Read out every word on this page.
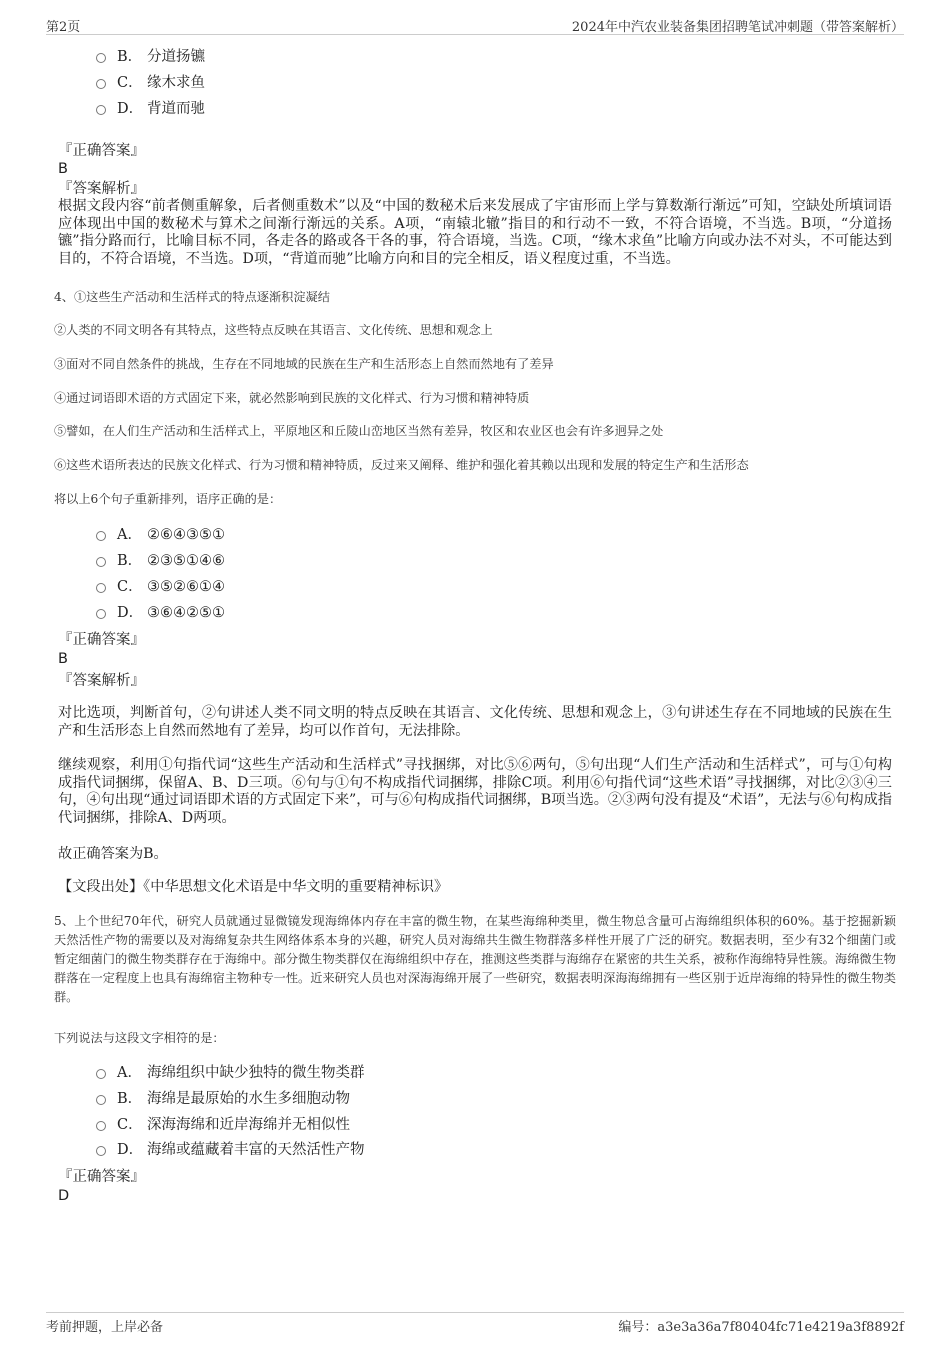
第2页	2024年中汽农业装备集团招聘笔试冲刺题（带答案解析）
B． 分道扬镳
C． 缘木求鱼
D． 背道而驰
『正确答案』
B
『答案解析』
根据文段内容“前者侧重解象，后者侧重数术”以及“中国的数秘术后来发展成了宇宙形而上学与算数渐行渐远”可知，空缺处所填词语应体现出中国的数秘术与算术之间渐行渐远的关系。A项，“南辕北辙”指目的和行动不一致，不符合语境，不当选。B项，“分道扬镳”指分路而行，比喻目标不同，各走各的路或各干各的事，符合语境，当选。C项，“缘木求鱼”比喻方向或办法不对头，不可能达到目的，不符合语境，不当选。D项，“背道而驰”比喻方向和目的完全相反，语义程度过重，不当选。
4、①这些生产活动和生活样式的特点逐渐积淀凝结
②人类的不同文明各有其特点，这些特点反映在其语言、文化传统、思想和观念上
③面对不同自然条件的挑战，生存在不同地域的民族在生产和生活形态上自然而然地有了差异
④通过词语即术语的方式固定下来，就必然影响到民族的文化样式、行为习惯和精神特质
⑤譬如，在人们生产活动和生活样式上，平原地区和丘陵山峦地区当然有差异，牧区和农业区也会有许多迥异之处
⑥这些术语所表达的民族文化样式、行为习惯和精神特质，反过来又阐释、维护和强化着其赖以出现和发展的特定生产和生活形态
将以上6个句子重新排列，语序正确的是：
A． ②⑥④③⑤①
B． ②③⑤①④⑥
C． ③⑤②⑥①④
D． ③⑥④②⑤①
『正确答案』
B
『答案解析』
对比选项，判断首句，②句讲述人类不同文明的特点反映在其语言、文化传统、思想和观念上，③句讲述生存在不同地域的民族在生产和生活形态上自然而然地有了差异，均可以作首句，无法排除。
继续观察，利用①句指代词“这些生产活动和生活样式”寻找捆绑，对比⑤⑥两句，⑤句出现“人们生产活动和生活样式”，可与①句构成指代词捆绑，保留A、B、D三项。⑥句与①句不构成指代词捆绑，排除C项。利用⑥句指代词“这些术语”寻找捆绑，对比②③④三句，④句出现“通过词语即术语的方式固定下来”，可与⑥句构成指代词捆绑，B项当选。②③两句没有提及“术语”，无法与⑥句构成指代词捆绑，排除A、D两项。
故正确答案为B。
【文段出处】《中华思想文化术语是中华文明的重要精神标识》
5、上个世纪70年代，研究人员就通过显微镜发现海绵体内存在丰富的微生物，在某些海绵种类里，微生物总含量可占海绵组织体积的60%。基于挖掘新颖天然活性产物的需要以及对海绵复杂共生网络体系本身的兴趣，研究人员对海绵共生微生物群落多样性开展了广泛的研究。数据表明，至少有32个细菌门或暂定细菌门的微生物类群存在于海绵中。部分微生物类群仅在海绵组织中存在，推测这些类群与海绵存在紧密的共生关系，被称作海绵特异性簇。海绵微生物群落在一定程度上也具有海绵宿主物种专一性。近来研究人员也对深海海绵开展了一些研究，数据表明深海海绵拥有一些区别于近岸海绵的特异性的微生物类群。
下列说法与这段文字相符的是：
A． 海绵组织中缺少独特的微生物类群
B． 海绵是最原始的水生多细胞动物
C． 深海海绵和近岸海绵并无相似性
D． 海绵或蕴藏着丰富的天然活性产物
『正确答案』
D
考前押题，上岸必备	编号：a3e3a36a7f80404fc71e4219a3f8892f
